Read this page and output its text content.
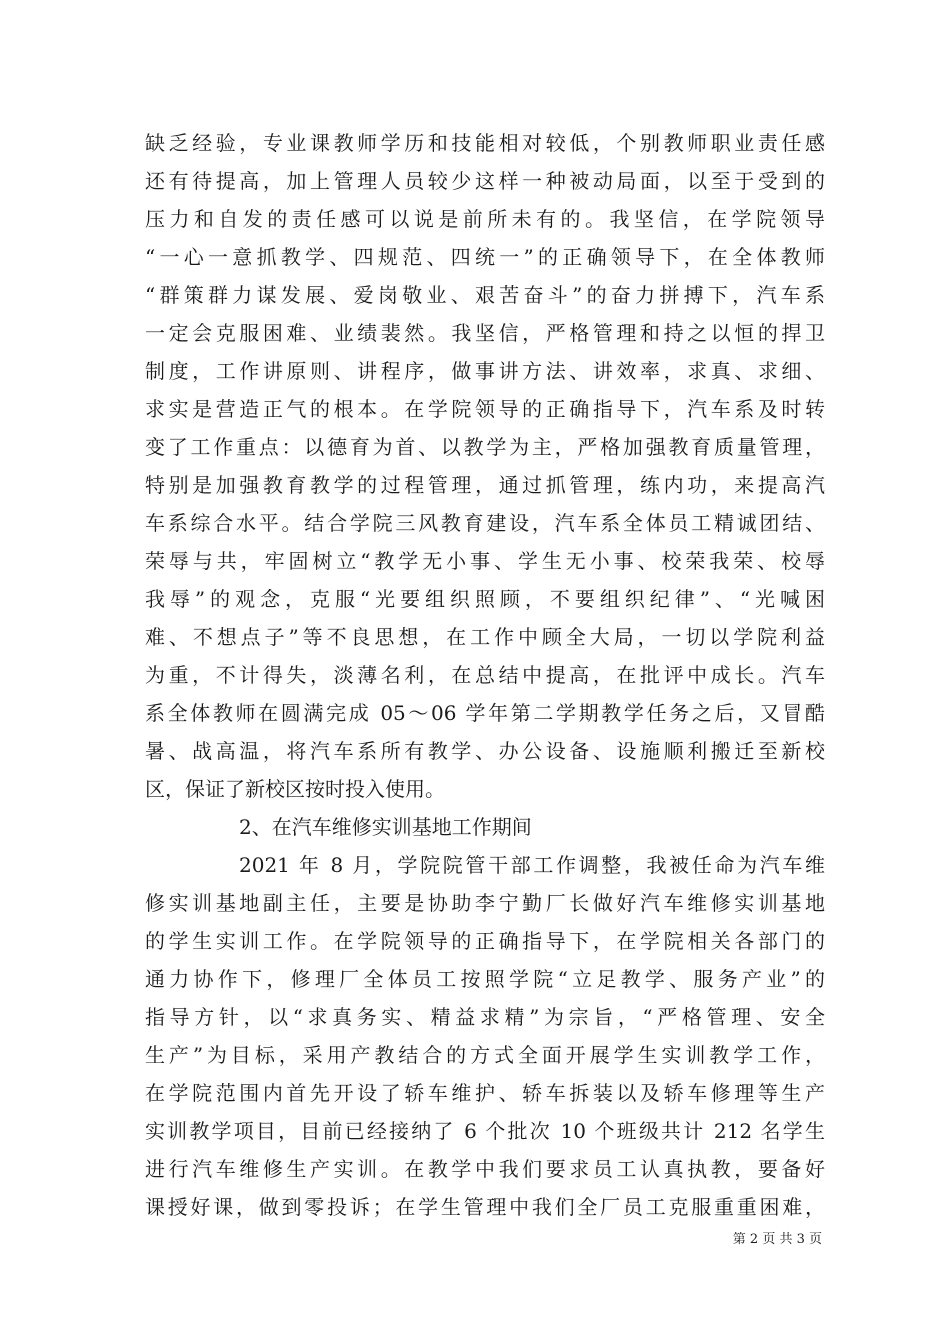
缺乏经验，专业课教师学历和技能相对较低，个别教师职业责任感
还有待提高，加上管理人员较少这样一种被动局面，以至于受到的
压力和自发的责任感可以说是前所未有的。我坚信，在学院领导
“一心一意抓教学、四规范、四统一”的正确领导下，在全体教师
“群策群力谋发展、爱岗敬业、艰苦奋斗”的奋力拼搏下，汽车系
一定会克服困难、业绩裴然。我坚信，严格管理和持之以恒的捍卫
制度，工作讲原则、讲程序，做事讲方法、讲效率，求真、求细、
求实是营造正气的根本。在学院领导的正确指导下，汽车系及时转
变了工作重点：以德育为首、以教学为主，严格加强教育质量管理，
特别是加强教育教学的过程管理，通过抓管理，练内功，来提高汽
车系综合水平。结合学院三风教育建设，汽车系全体员工精诚团结、
荣辱与共，牢固树立“教学无小事、学生无小事、校荣我荣、校辱
我辱”的观念，克服“光要组织照顾，不要组织纪律”、“光喊困
难、不想点子”等不良思想，在工作中顾全大局，一切以学院利益
为重，不计得失，淡薄名利，在总结中提高，在批评中成长。汽车
系全体教师在圆满完成 05～06 学年第二学期教学任务之后，又冒酷
暑、战高温，将汽车系所有教学、办公设备、设施顺利搬迁至新校
区，保证了新校区按时投入使用。
2、在汽车维修实训基地工作期间
2021 年 8 月，学院院管干部工作调整，我被任命为汽车维
修实训基地副主任，主要是协助李宁勤厂长做好汽车维修实训基地
的学生实训工作。在学院领导的正确指导下，在学院相关各部门的
通力协作下，修理厂全体员工按照学院“立足教学、服务产业”的
指导方针，以“求真务实、精益求精”为宗旨，“严格管理、安全
生产”为目标，采用产教结合的方式全面开展学生实训教学工作，
在学院范围内首先开设了轿车维护、轿车拆装以及轿车修理等生产
实训教学项目，目前已经接纳了 6 个批次 10 个班级共计 212 名学生
进行汽车维修生产实训。在教学中我们要求员工认真执教，要备好
课授好课，做到零投诉；在学生管理中我们全厂员工克服重重困难，
第 2 页 共 3 页
